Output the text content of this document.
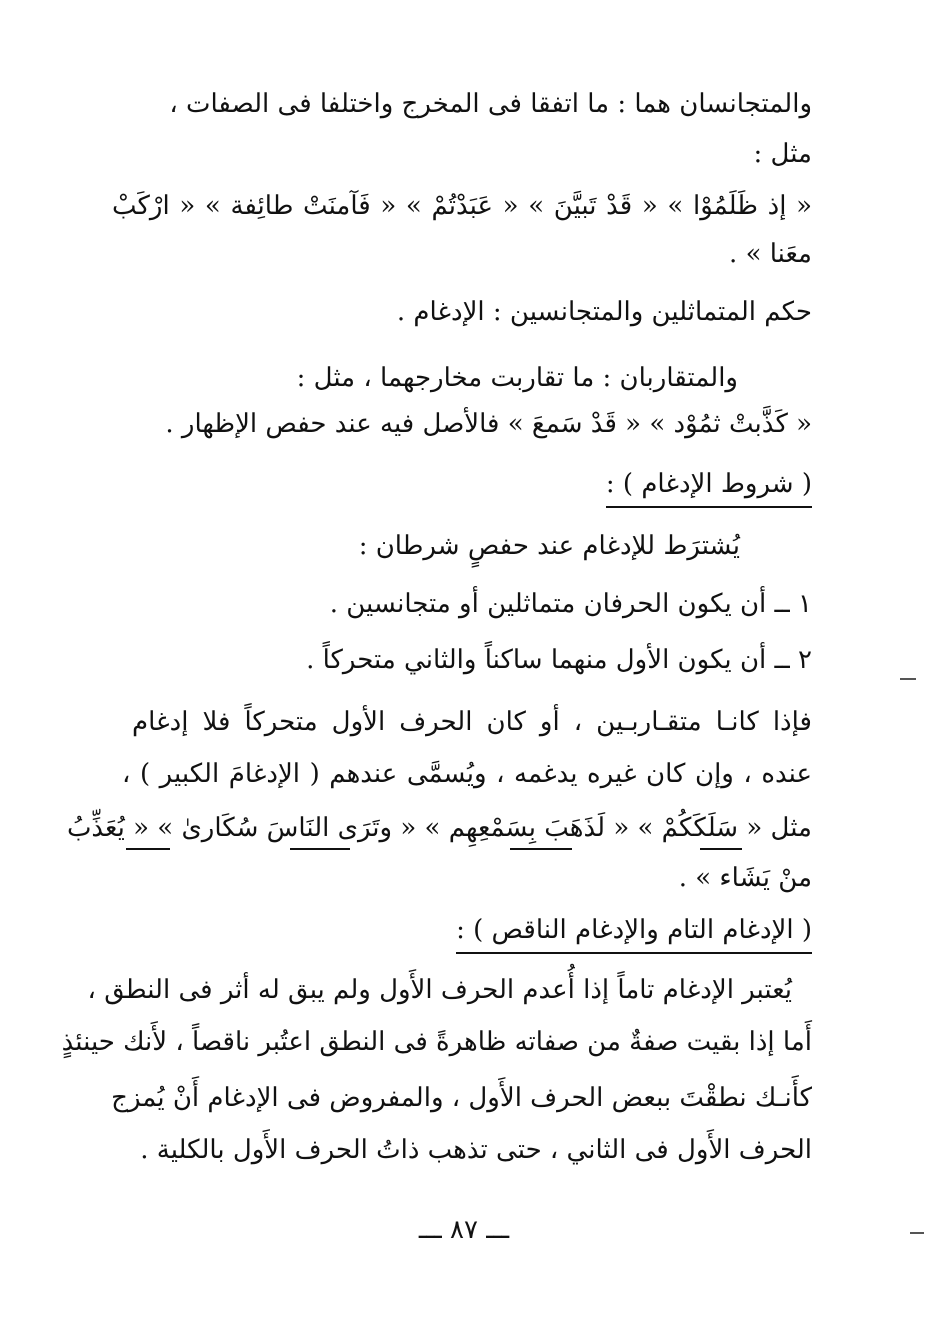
والمتجانسان هما : ما اتفقا فى المخرج واختلفا فى الصفات ،
مثل :
« إذ ظَلَمُوْا » « قَدْ تَبيَّنَ » « عَبَدْتُمْ » « فَآمنَتْ طائِفة » « ارْكَبْ
معَنا » .
حكم المتماثلين والمتجانسين : الإدغام .
والمتقاربان : ما تقاربت مخارجهما ، مثل :
« كَذَّبتْ ثمُوْد » « قَدْ سَمعَ » فالأصل فيه عند حفص الإظهار .
( شروط الإدغام ) :
يُشترَط للإدغام عند حفصٍ شرطان :
١ ــ أن يكون الحرفان متماثلين أو متجانسين .
٢ ــ أن يكون الأول منهما ساكناً والثاني متحركاً .
فإذا كانـا متقـاربـين ، أو كان الحرف الأول متحركاً فلا إدغام
عنده ، وإن كان غيره يدغمه ، ويُسمَّى عندهم ( الإدغامَ الكبير ) ،
مثل « سَلَكَكُمْ » « لَذَهَبَ بِسَمْعِهِم » « وتَرَى النَاسَ سُكَارىٰ » « يُعَذِّبُ
منْ يَشَاء » .
( الإدغام التام والإدغام الناقص ) :
يُعتبر الإدغام تاماً إذا أُعدم الحرف الأَول ولم يبق له أثر فى النطق ،
أَما إذا بقيت صفةٌ من صفاته ظاهرةً فى النطق اعتُبر ناقصاً ، لأَنك حينئذٍ
كأَنـك نطقْتَ ببعض الحرف الأَول ، والمفروض فى الإدغام أَنْ يُمزج
الحرف الأَول فى الثاني ، حتى تذهب ذاتُ الحرف الأَول بالكلية .
ـــ ٨٧ ـــ
